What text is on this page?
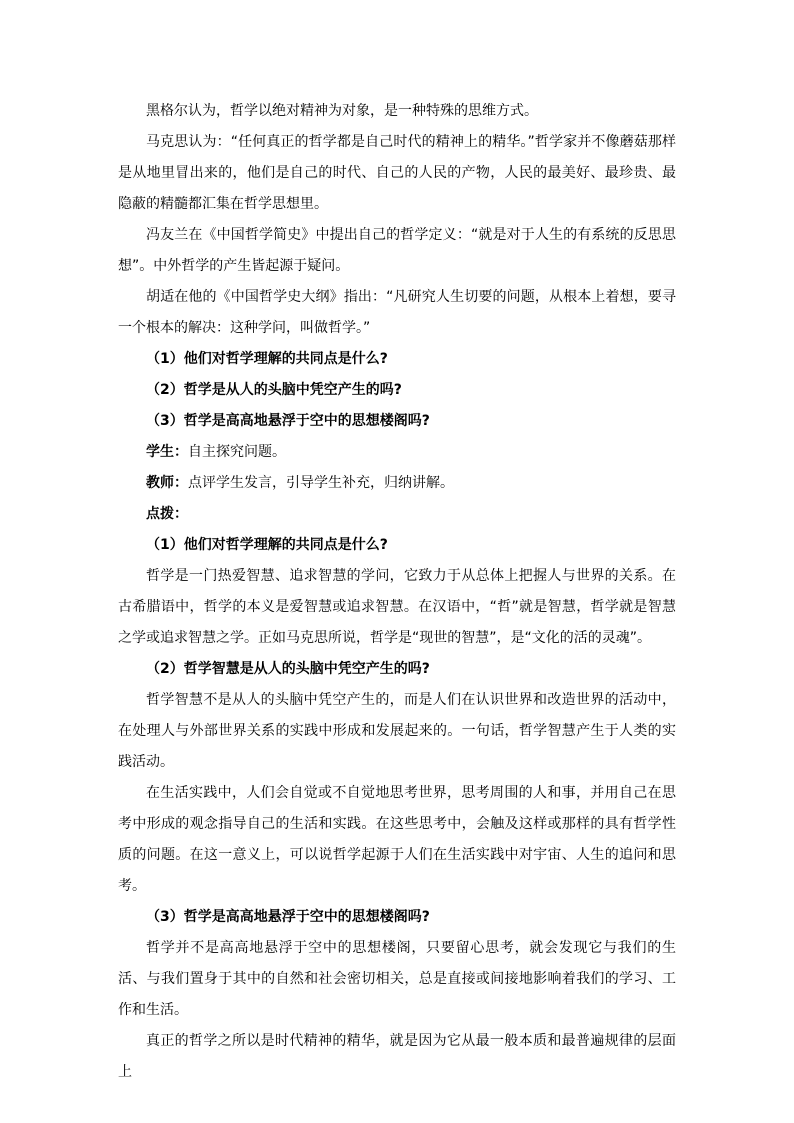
黑格尔认为，哲学以绝对精神为对象，是一种特殊的思维方式。

马克思认为：“任何真正的哲学都是自己时代的精神上的精华。”哲学家并不像蘑菇那样是从地里冒出来的，他们是自己的时代、自己的人民的产物，人民的最美好、最珍贵、最隐蔽的精髓都汇集在哲学思想里。

冯友兰在《中国哲学简史》中提出自己的哲学定义：“就是对于人生的有系统的反思思想”。中外哲学的产生皆起源于疑问。

胡适在他的《中国哲学史大纲》指出：“凡研究人生切要的问题，从根本上着想，要寻一个根本的解决：这种学问，叫做哲学。”

（1）他们对哲学理解的共同点是什么?

（2）哲学是从人的头脑中凭空产生的吗?

（3）哲学是高高地悬浮于空中的思想楼阁吗?

学生：自主探究问题。

教师：点评学生发言，引导学生补充，归纳讲解。

点拨：

（1）他们对哲学理解的共同点是什么?

哲学是一门热爱智慧、追求智慧的学问，它致力于从总体上把握人与世界的关系。在古希腊语中，哲学的本义是爱智慧或追求智慧。在汉语中，“哲”就是智慧，哲学就是智慧之学或追求智慧之学。正如马克思所说，哲学是“现世的智慧”，是“文化的活的灵魂”。

（2）哲学智慧是从人的头脑中凭空产生的吗?

哲学智慧不是从人的头脑中凭空产生的，而是人们在认识世界和改造世界的活动中，在处理人与外部世界关系的实践中形成和发展起来的。一句话，哲学智慧产生于人类的实践活动。

在生活实践中，人们会自觉或不自觉地思考世界，思考周围的人和事，并用自己在思考中形成的观念指导自己的生活和实践。在这些思考中，会触及这样或那样的具有哲学性质的问题。在这一意义上，可以说哲学起源于人们在生活实践中对宇宙、人生的追问和思考。

（3）哲学是高高地悬浮于空中的思想楼阁吗?

哲学并不是高高地悬浮于空中的思想楼阁，只要留心思考，就会发现它与我们的生活、与我们置身于其中的自然和社会密切相关，总是直接或间接地影响着我们的学习、工作和生活。

真正的哲学之所以是时代精神的精华，就是因为它从最一般本质和最普遍规律的层面上
